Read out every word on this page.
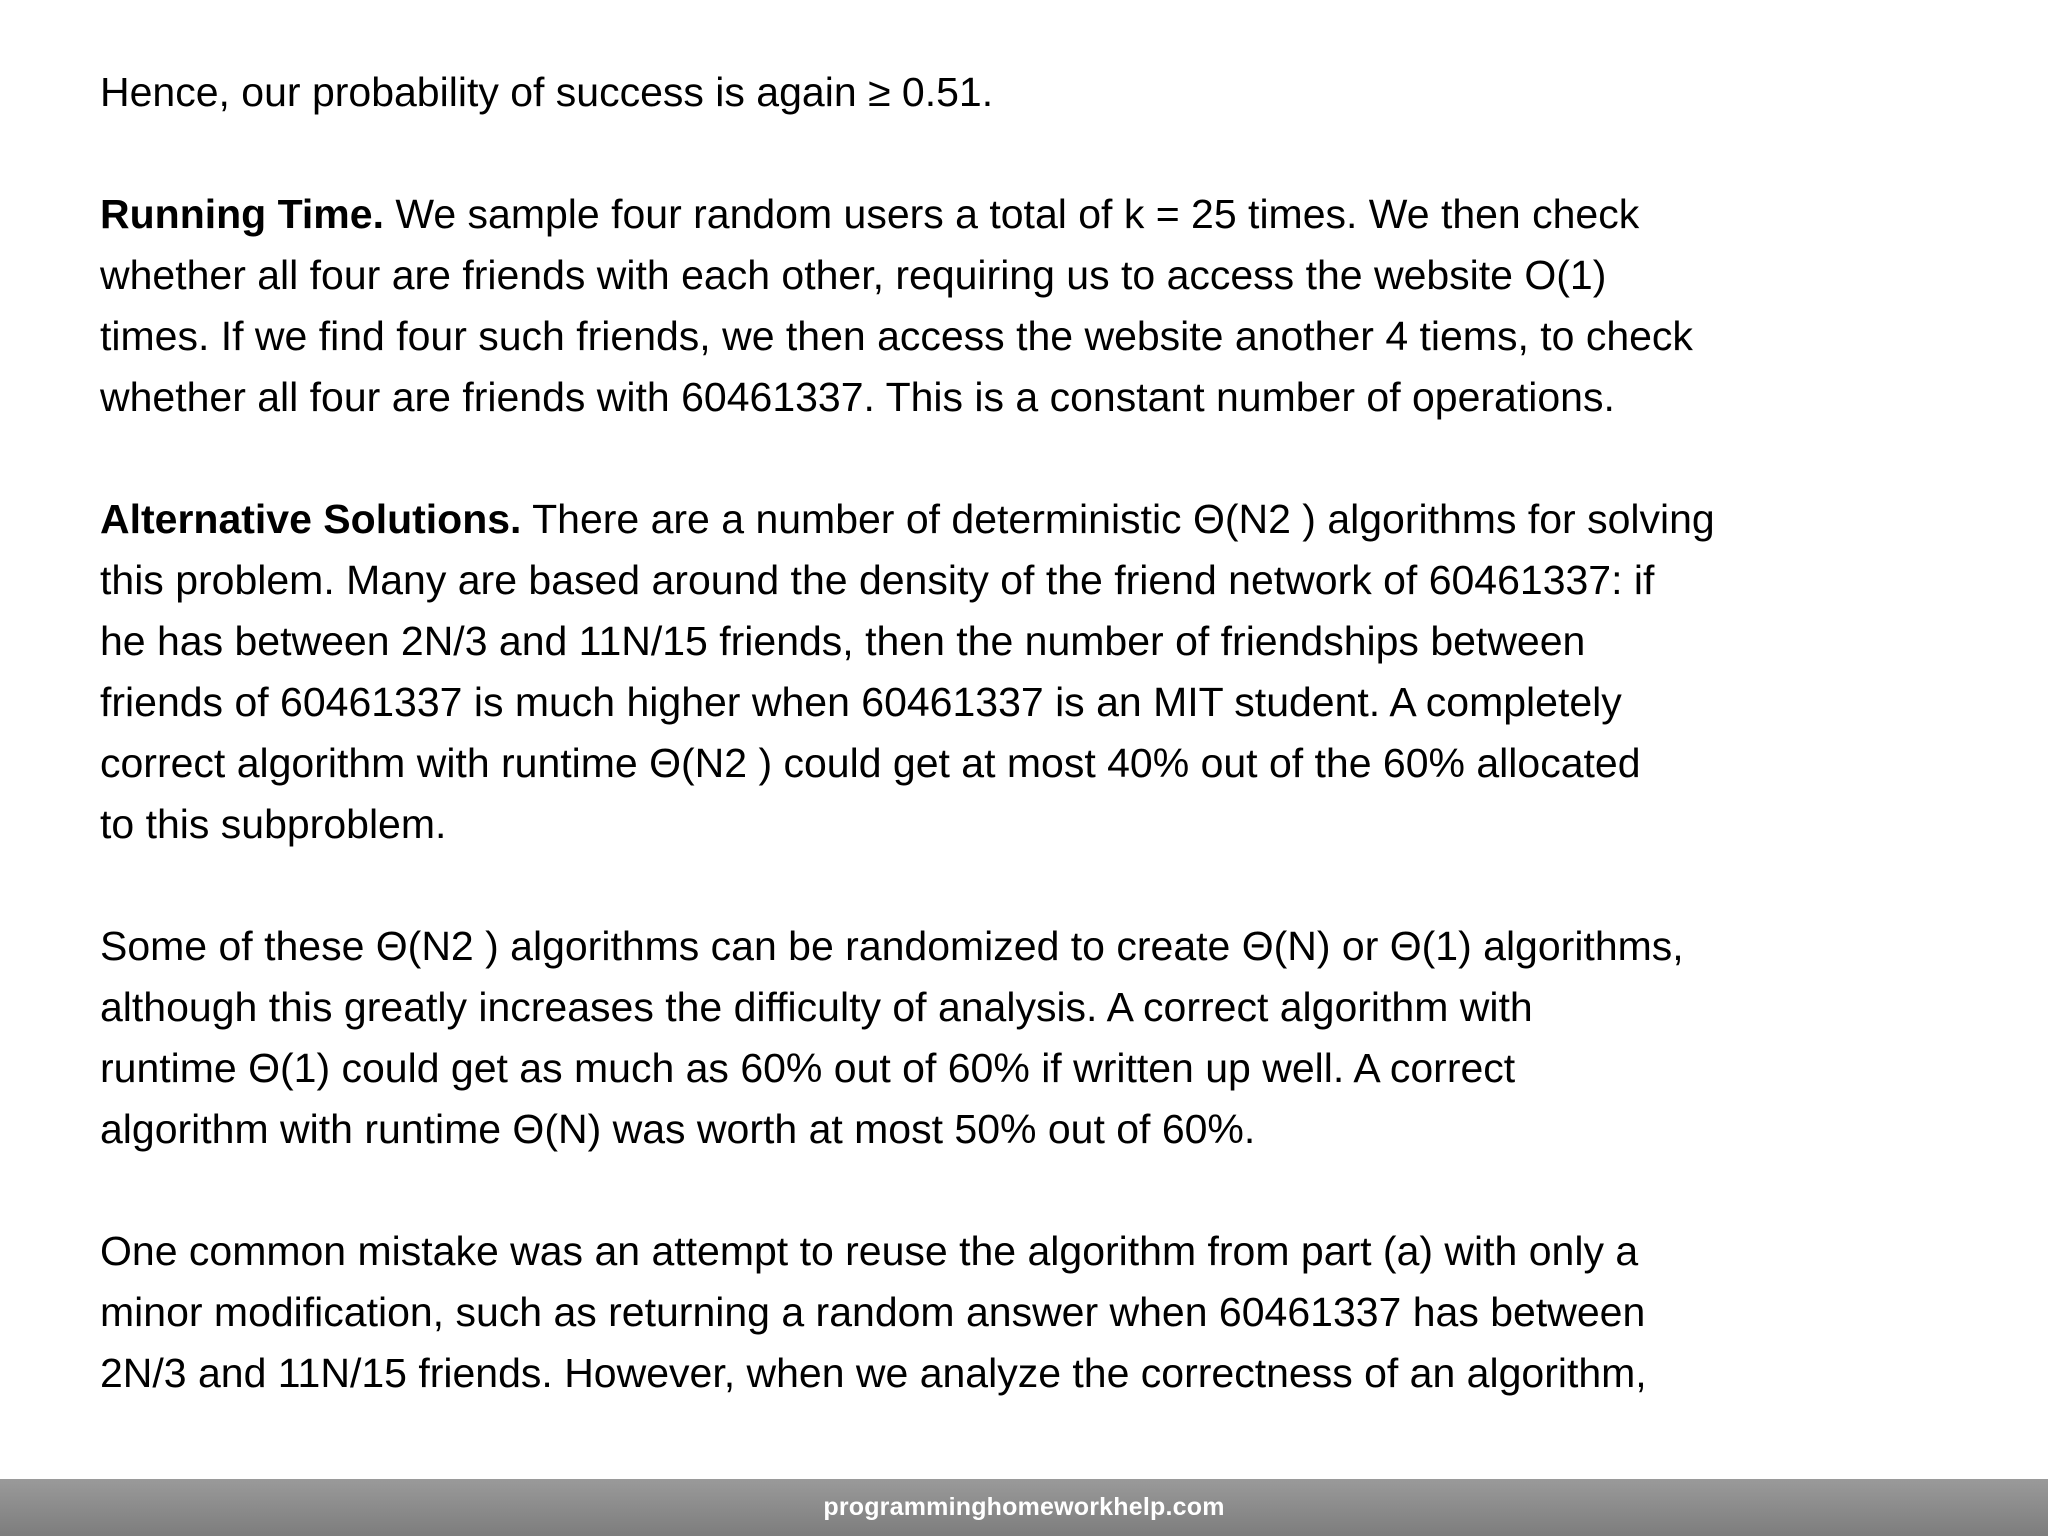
Hence, our probability of success is again ≥ 0.51.

Running Time. We sample four random users a total of k = 25 times. We then check
whether all four are friends with each other, requiring us to access the website O(1)
times. If we find four such friends, we then access the website another 4 tiems, to check
whether all four are friends with 60461337. This is a constant number of operations.

Alternative Solutions. There are a number of deterministic Θ(N2 ) algorithms for solving
this problem. Many are based around the density of the friend network of 60461337: if
he has between 2N/3 and 11N/15 friends, then the number of friendships between
friends of 60461337 is much higher when 60461337 is an MIT student. A completely
correct algorithm with runtime Θ(N2 ) could get at most 40% out of the 60% allocated
to this subproblem.

Some of these Θ(N2 ) algorithms can be randomized to create Θ(N) or Θ(1) algorithms,
although this greatly increases the difficulty of analysis. A correct algorithm with
runtime Θ(1) could get as much as 60% out of 60% if written up well. A correct
algorithm with runtime Θ(N) was worth at most 50% out of 60%.

One common mistake was an attempt to reuse the algorithm from part (a) with only a
minor modification, such as returning a random answer when 60461337 has between
2N/3 and 11N/15 friends. However, when we analyze the correctness of an algorithm,

programminghomeworkhelp.com
